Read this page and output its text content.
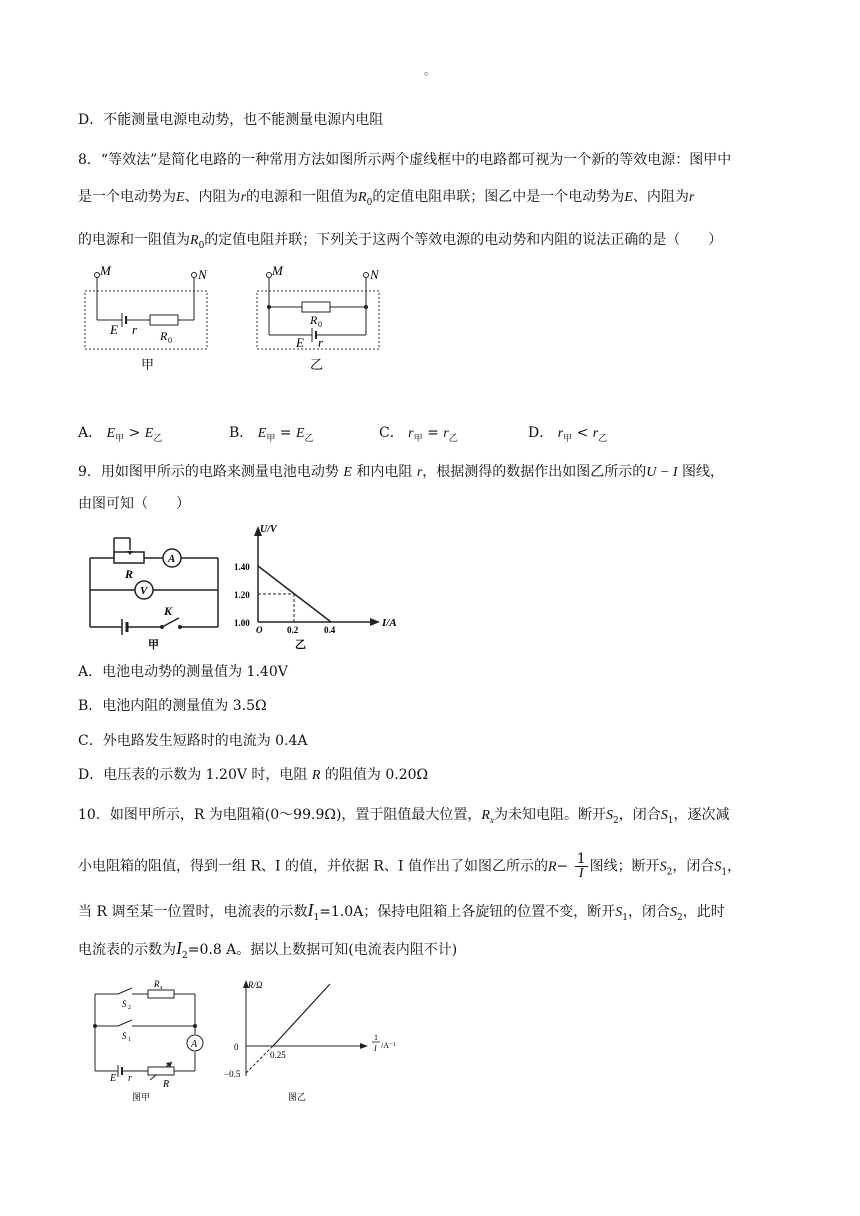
。
D．不能测量电源电动势，也不能测量电源内电阻
8．“等效法”是简化电路的一种常用方法如图所示两个虚线框中的电路都可视为一个新的等效电源：图甲中
是一个电动势为E、内阻为r的电源和一阻值为$R_0$的定值电阻串联；图乙中是一个电动势为E、内阻为r
的电源和一阻值为$R_0$的定值电阻并联；下列关于这两个等效电源的电动势和内阻的说法正确的是（　　）
M	N
E r R 0
甲
M	N
R 0
E r
乙
A． $E_甲 > E_乙$	B． $E_甲 = E_乙$	C． $r_甲 = r_乙$	D． $r_甲 < r_乙$
9．用如图甲所示的电路来测量电池电动势 E 和内电阻 r，根据测得的数据作出如图乙所示的U − I 图线，
由图可知（　　）
A
V
R
K
甲
U/V
1.40
1.20
1.00
O	0.2	0.4
I/A
乙
A．电池电动势的测量值为 1.40V
B．电池内阻的测量值为 3.5Ω
C．外电路发生短路时的电流为 0.4A
D．电压表的示数为 1.20V 时，电阻 R 的阻值为 0.20Ω
10．如图甲所示，R 为电阻箱(0～99.9Ω)，置于阻值最大位置，$R_x$为未知电阻。断开$S_2$，闭合$S_1$，逐次减
小电阻箱的阻值，得到一组 R、I 的值，并依据 R、I 值作出了如图乙所示的$R- \frac{1}{I}$ 图线；断开$S_2$，闭合$S_1$，
当 R 调至某一位置时，电流表的示数$I_1=1.0A$；保持电阻箱上各旋钮的位置不变，断开$S_1$，闭合$S_2$，此时
电流表的示数为$I_2=0.8$ A。据以上数据可知(电流表内阻不计)
A
R x
S 2
S 1
E r
R
图甲
R/Ω
0
−0.5
0.25
1
I /A⁻¹
图乙
